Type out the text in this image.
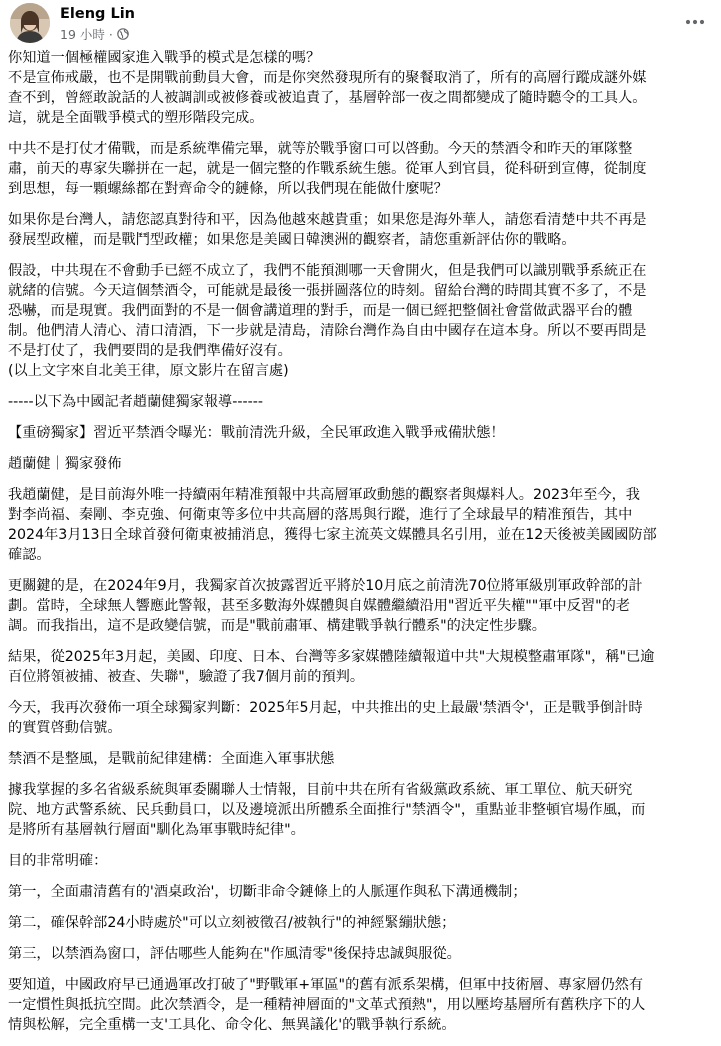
Eleng Lin
19 小時 ·
你知道一個極權國家進入戰爭的模式是怎樣的嗎？
不是宣佈戒嚴，也不是開戰前動員大會，而是你突然發現所有的聚餐取消了，所有的高層行蹤成謎外媒
查不到，曾經敢說話的人被調訓或被修養或被追責了，基層幹部一夜之間都變成了隨時聽令的工具人。
這，就是全面戰爭模式的塑形階段完成。
中共不是打仗才備戰，而是系統準備完畢，就等於戰爭窗口可以啓動。今天的禁酒令和昨天的軍隊整
肅，前天的專家失聯拼在一起，就是一個完整的作戰系統生態。從軍人到官員，從科研到宣傳，從制度
到思想，每一顆螺絲都在對齊命令的鏈條，所以我們現在能做什麼呢？
如果你是台灣人，請您認真對待和平，因為他越來越貴重；如果您是海外華人，請您看清楚中共不再是
發展型政權，而是戰鬥型政權；如果您是美國日韓澳洲的觀察者，請您重新評估你的戰略。
假設，中共現在不會動手已經不成立了，我們不能預測哪一天會開火，但是我們可以識別戰爭系統正在
就緒的信號。今天這個禁酒令，可能就是最後一張拼圖落位的時刻。留給台灣的時間其實不多了，不是
恐嚇，而是現實。我們面對的不是一個會講道理的對手，而是一個已經把整個社會當做武器平台的體
制。他們清人清心、清口清酒，下一步就是清島，清除台灣作為自由中國存在這本身。所以不要再問是
不是打仗了，我們要問的是我們準備好沒有。
(以上文字來自北美王律，原文影片在留言處)
-----以下為中國記者趙蘭健獨家報導------
【重磅獨家】習近平禁酒令曝光：戰前清洗升級，全民軍政進入戰爭戒備狀態！
趙蘭健｜獨家發佈
我趙蘭健，是目前海外唯一持續兩年精准預報中共高層軍政動態的觀察者與爆料人。2023年至今，我
對李尚福、秦剛、李克強、何衛東等多位中共高層的落馬與行蹤，進行了全球最早的精准預告，其中
2024年3月13日全球首發何衛東被捕消息，獲得七家主流英文媒體具名引用，並在12天後被美國國防部
確認。
更關鍵的是，在2024年9月，我獨家首次披露習近平將於10月底之前清洗70位將軍級別軍政幹部的計
劃。當時，全球無人響應此警報，甚至多數海外媒體與自媒體繼續沿用"習近平失權""軍中反習"的老
調。而我指出，這不是政變信號，而是"戰前肅軍、構建戰爭執行體系"的決定性步驟。
結果，從2025年3月起，美國、印度、日本、台灣等多家媒體陸續報道中共"大規模整肅軍隊"，稱"已逾
百位將領被捕、被查、失聯"，驗證了我7個月前的預判。
今天，我再次發佈一項全球獨家判斷：2025年5月起，中共推出的史上最嚴'禁酒令'，正是戰爭倒計時
的實質啓動信號。
禁酒不是整風，是戰前紀律建構：全面進入軍事狀態
據我掌握的多名省級系統與軍委關聯人士情報，目前中共在所有省級黨政系統、軍工單位、航天研究
院、地方武警系統、民兵動員口，以及邊境派出所體系全面推行"禁酒令"，重點並非整頓官場作風，而
是將所有基層執行層面"馴化為軍事戰時紀律"。
目的非常明確：
第一，全面肅清舊有的'酒桌政治'，切斷非命令鏈條上的人脈運作與私下溝通機制；
第二，確保幹部24小時處於"可以立刻被徵召/被執行"的神經緊繃狀態；
第三，以禁酒為窗口，評估哪些人能夠在"作風清零"後保持忠誠與服從。
要知道，中國政府早已通過軍改打破了"野戰軍+軍區"的舊有派系架構，但軍中技術層、專家層仍然有
一定慣性與抵抗空間。此次禁酒令，是一種精神層面的"文革式預熱"，用以壓垮基層所有舊秩序下的人
情與松解，完全重構一支'工具化、命令化、無異議化'的戰爭執行系統。
